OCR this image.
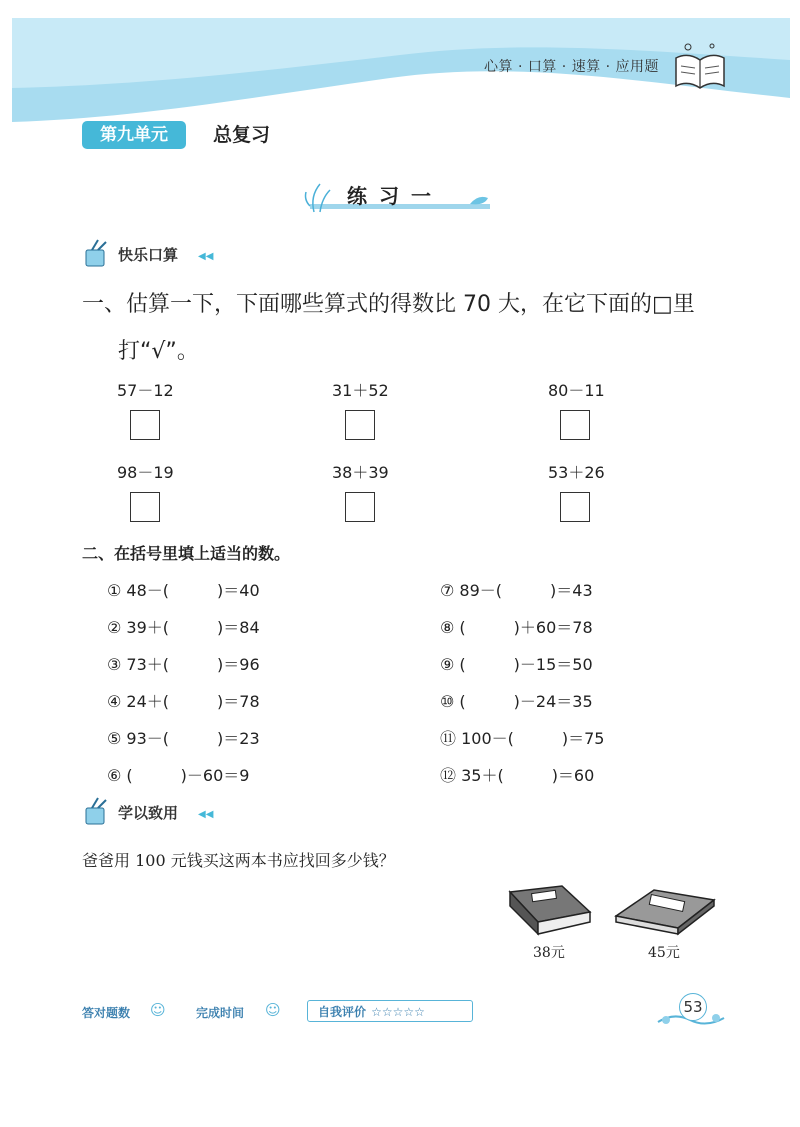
心算 · 口算 · 速算 · 应用题
第九单元	总复习
练习一
快乐口算 ◀◀
一、估算一下，下面哪些算式的得数比 70 大，在它下面的□里
打“√”。
57－12	31＋52	80－11
98－19	38＋39	53＋26
二、在括号里填上适当的数。
① 48－(　　　)＝40
② 39＋(　　　)＝84
③ 73＋(　　　)＝96
④ 24＋(　　　)＝78
⑤ 93－(　　　)＝23
⑥ (　　　)－60＝9
⑦ 89－(　　　)＝43
⑧ (　　　)＋60＝78
⑨ (　　　)－15＝50
⑩ (　　　)－24＝35
⑪ 100－(　　　)＝75
⑫ 35＋(　　　)＝60
学以致用 ◀◀
爸爸用 100 元钱买这两本书应找回多少钱？
38元	45元
答对题数 ☺	完成时间 ☺	自我评价 ☆☆☆☆☆	53
